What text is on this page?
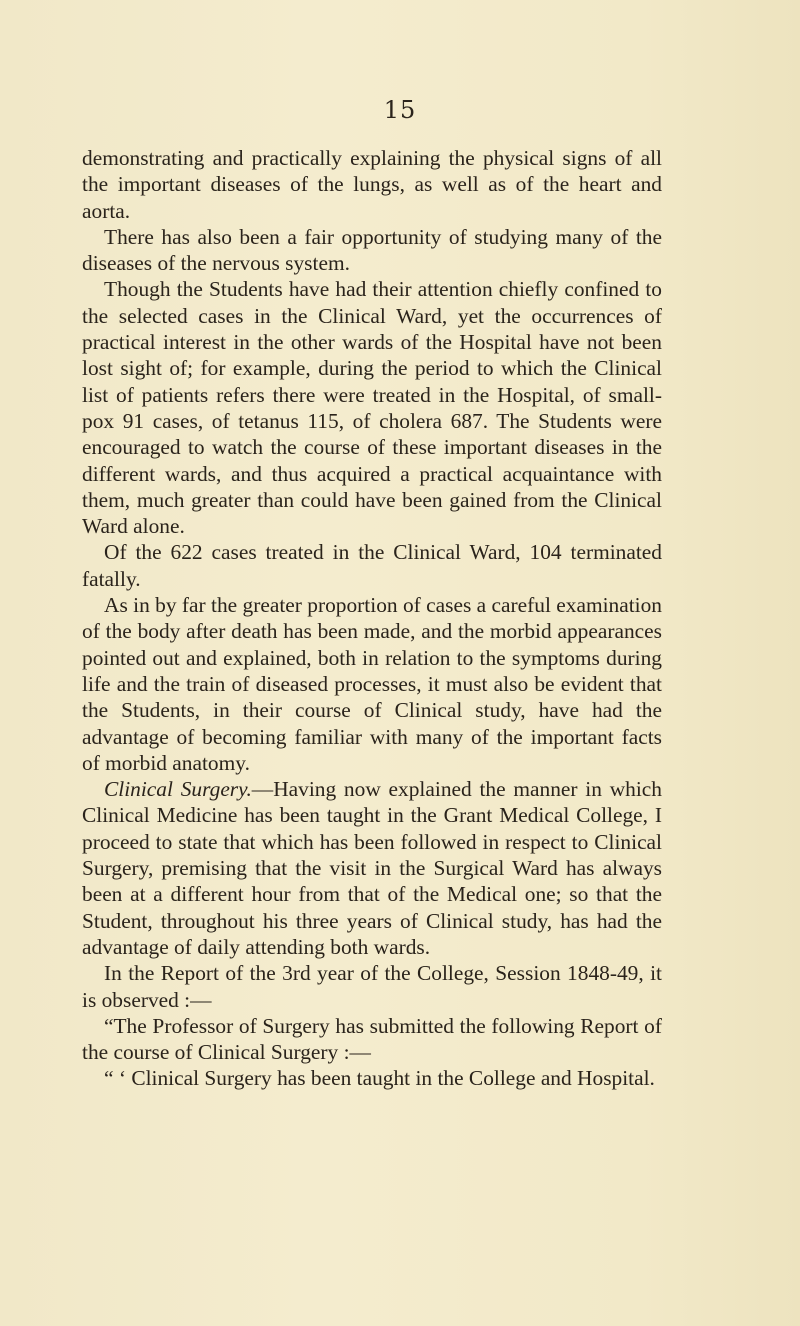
15

demonstrating and practically explaining the physical signs of all the important diseases of the lungs, as well as of the heart and aorta.

There has also been a fair opportunity of studying many of the diseases of the nervous system.

Though the Students have had their attention chiefly confined to the selected cases in the Clinical Ward, yet the occurrences of practical interest in the other wards of the Hospital have not been lost sight of; for example, during the period to which the Clinical list of patients refers there were treated in the Hospital, of small-pox 91 cases, of tetanus 115, of cholera 687. The Students were encouraged to watch the course of these important diseases in the different wards, and thus acquired a practical acquaintance with them, much greater than could have been gained from the Clinical Ward alone.

Of the 622 cases treated in the Clinical Ward, 104 terminated fatally.

As in by far the greater proportion of cases a careful examination of the body after death has been made, and the morbid appearances pointed out and explained, both in relation to the symptoms during life and the train of diseased processes, it must also be evident that the Students, in their course of Clinical study, have had the advantage of becoming familiar with many of the important facts of morbid anatomy.

Clinical Surgery.—Having now explained the manner in which Clinical Medicine has been taught in the Grant Medical College, I proceed to state that which has been followed in respect to Clinical Surgery, premising that the visit in the Surgical Ward has always been at a different hour from that of the Medical one; so that the Student, throughout his three years of Clinical study, has had the advantage of daily attending both wards.

In the Report of the 3rd year of the College, Session 1848-49, it is observed :—

“The Professor of Surgery has submitted the following Report of the course of Clinical Surgery :—

“ ‘ Clinical Surgery has been taught in the College and Hospital.
